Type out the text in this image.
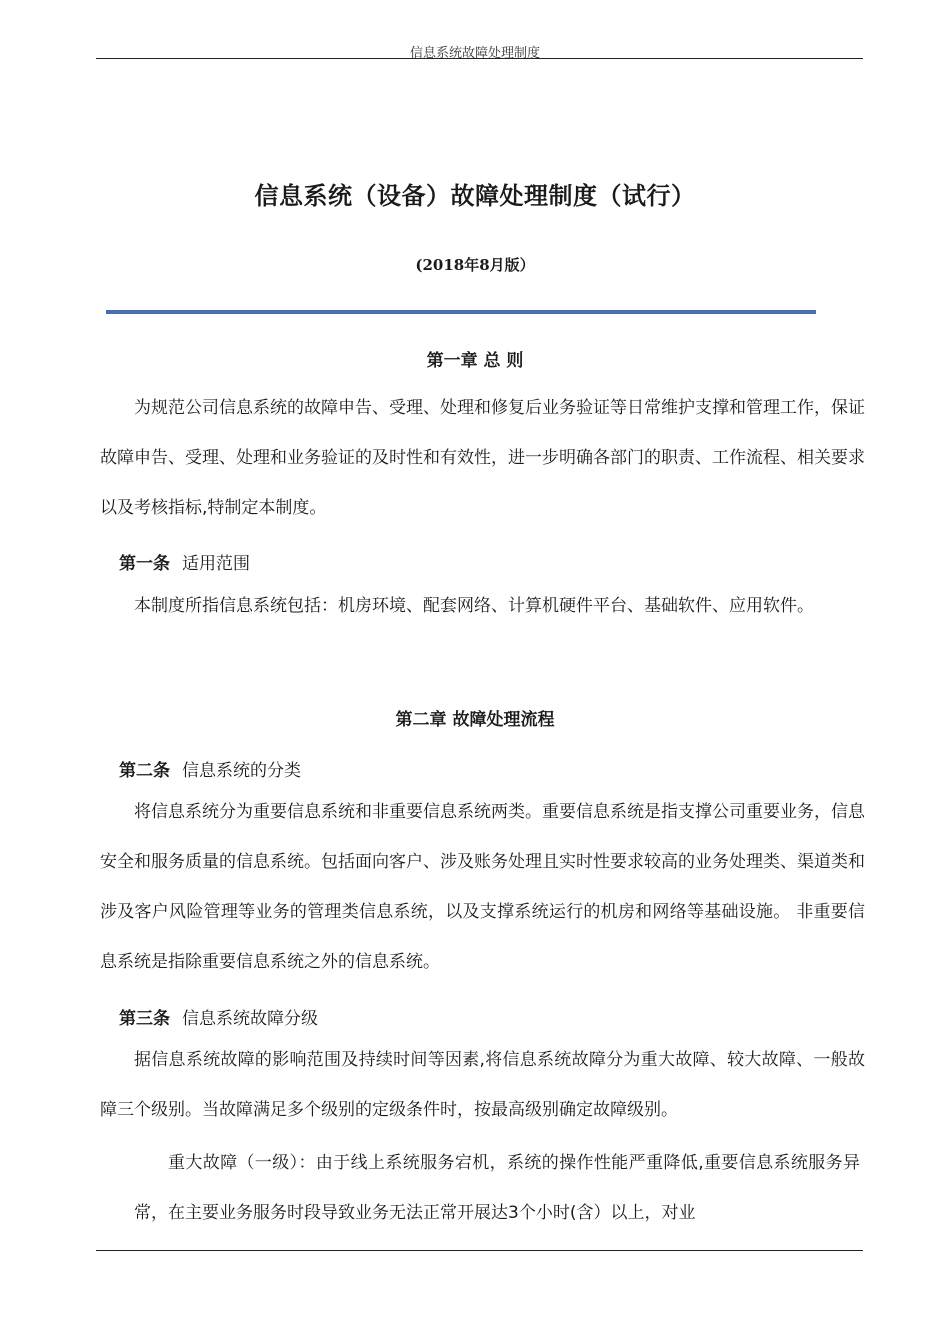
信息系统故障处理制度
信息系统（设备）故障处理制度（试行）
(2018年8月版）
第一章 总 则
为规范公司信息系统的故障申告、受理、处理和修复后业务验证等日常维护支撑和管理工作，保证故障申告、受理、处理和业务验证的及时性和有效性，进一步明确各部门的职责、工作流程、相关要求以及考核指标,特制定本制度。
第一条 适用范围
本制度所指信息系统包括：机房环境、配套网络、计算机硬件平台、基础软件、应用软件。
第二章 故障处理流程
第二条 信息系统的分类
将信息系统分为重要信息系统和非重要信息系统两类。重要信息系统是指支撑公司重要业务，信息安全和服务质量的信息系统。包括面向客户、涉及账务处理且实时性要求较高的业务处理类、渠道类和涉及客户风险管理等业务的管理类信息系统，以及支撑系统运行的机房和网络等基础设施。 非重要信息系统是指除重要信息系统之外的信息系统。
第三条 信息系统故障分级
据信息系统故障的影响范围及持续时间等因素,将信息系统故障分为重大故障、较大故障、一般故障三个级别。当故障满足多个级别的定级条件时，按最高级别确定故障级别。
重大故障（一级）：由于线上系统服务宕机，系统的操作性能严重降低,重要信息系统服务异常，在主要业务服务时段导致业务无法正常开展达3个小时(含）以上，对业
